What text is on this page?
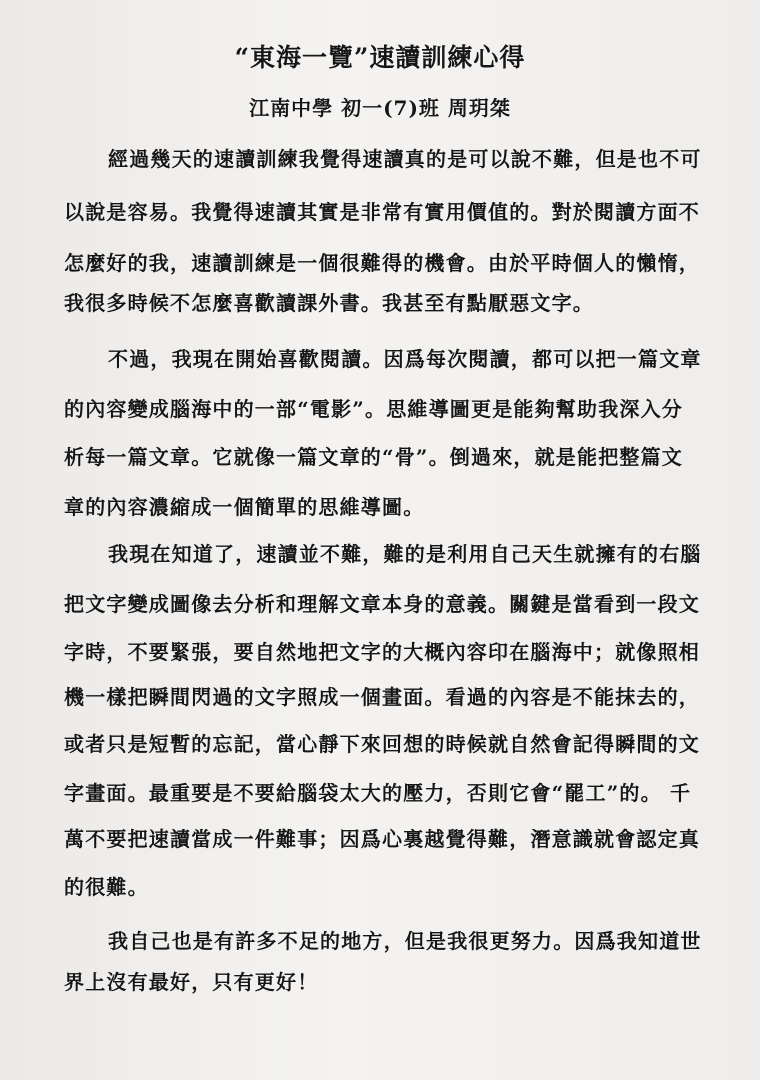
“東海一覽”速讀訓練心得
江南中學 初一(7)班 周玥桀
經過幾天的速讀訓練我覺得速讀真的是可以說不難，但是也不可
以說是容易。我覺得速讀其實是非常有實用價值的。對於閱讀方面不
怎麼好的我，速讀訓練是一個很難得的機會。由於平時個人的懶惰，
我很多時候不怎麼喜歡讀課外書。我甚至有點厭惡文字。
不過，我現在開始喜歡閱讀。因爲每次閱讀，都可以把一篇文章
的內容變成腦海中的一部“電影”。思維導圖更是能夠幫助我深入分
析每一篇文章。它就像一篇文章的“骨”。倒過來，就是能把整篇文
章的內容濃縮成一個簡單的思維導圖。
我現在知道了，速讀並不難，難的是利用自己天生就擁有的右腦
把文字變成圖像去分析和理解文章本身的意義。關鍵是當看到一段文
字時，不要緊張，要自然地把文字的大概內容印在腦海中；就像照相
機一樣把瞬間閃過的文字照成一個畫面。看過的內容是不能抹去的，
或者只是短暫的忘記，當心靜下來回想的時候就自然會記得瞬間的文
字畫面。最重要是不要給腦袋太大的壓力，否則它會“罷工”的。 千
萬不要把速讀當成一件難事；因爲心裏越覺得難，潛意識就會認定真
的很難。
我自己也是有許多不足的地方，但是我很更努力。因爲我知道世
界上沒有最好，只有更好！
